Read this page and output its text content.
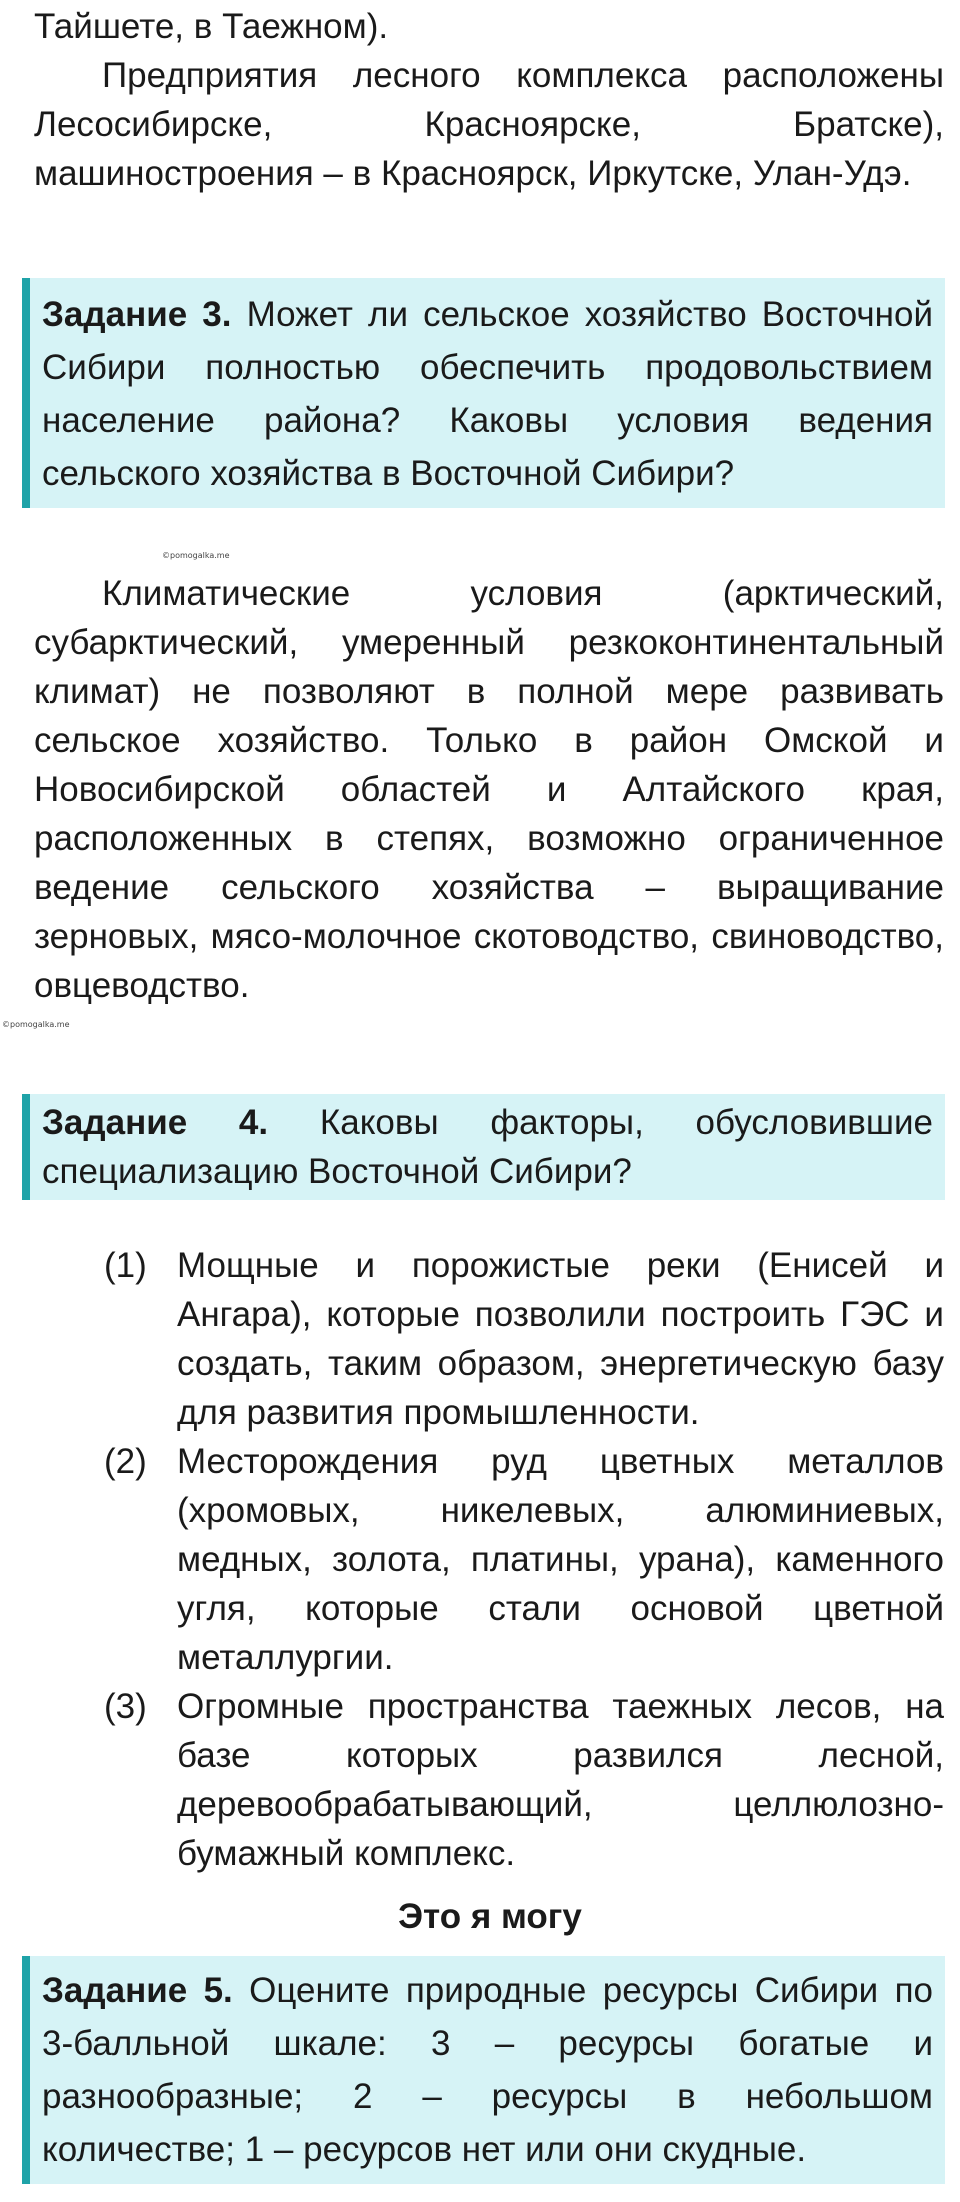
Тайшете, в Таежном).

Предприятия лесного комплекса расположены Лесосибирске, Красноярске, Братске), машиностроения – в Красноярск, Иркутске, Улан-Удэ.

Задание 3. Может ли сельское хозяйство Восточной Сибири полностью обеспечить продовольствием население района? Каковы условия ведения сельского хозяйства в Восточной Сибири?

©pomogalka.me

Климатические условия (арктический, субарктический, умеренный резкоконтинентальный климат) не позволяют в полной мере развивать сельское хозяйство. Только в район Омской и Новосибирской областей и Алтайского края, расположенных в степях, возможно ограниченное ведение сельского хозяйства – выращивание зерновых, мясо-молочное скотоводство, свиноводство, овцеводство.

©pomogalka.me

Задание 4. Каковы факторы, обусловившие специализацию Восточной Сибири?

(1) Мощные и порожистые реки (Енисей и Ангара), которые позволили построить ГЭС и создать, таким образом, энергетическую базу для развития промышленности.
(2) Месторождения руд цветных металлов (хромовых, никелевых, алюминиевых, медных, золота, платины, урана), каменного угля, которые стали основой цветной металлургии.
(3) Огромные пространства таежных лесов, на базе которых развился лесной, деревообрабатывающий, целлюлозно-бумажный комплекс.
Это я могу

Задание 5. Оцените природные ресурсы Сибири по 3-балльной шкале: 3 – ресурсы богатые и разнообразные; 2 – ресурсы в небольшом количестве; 1 – ресурсов нет или они скудные.
